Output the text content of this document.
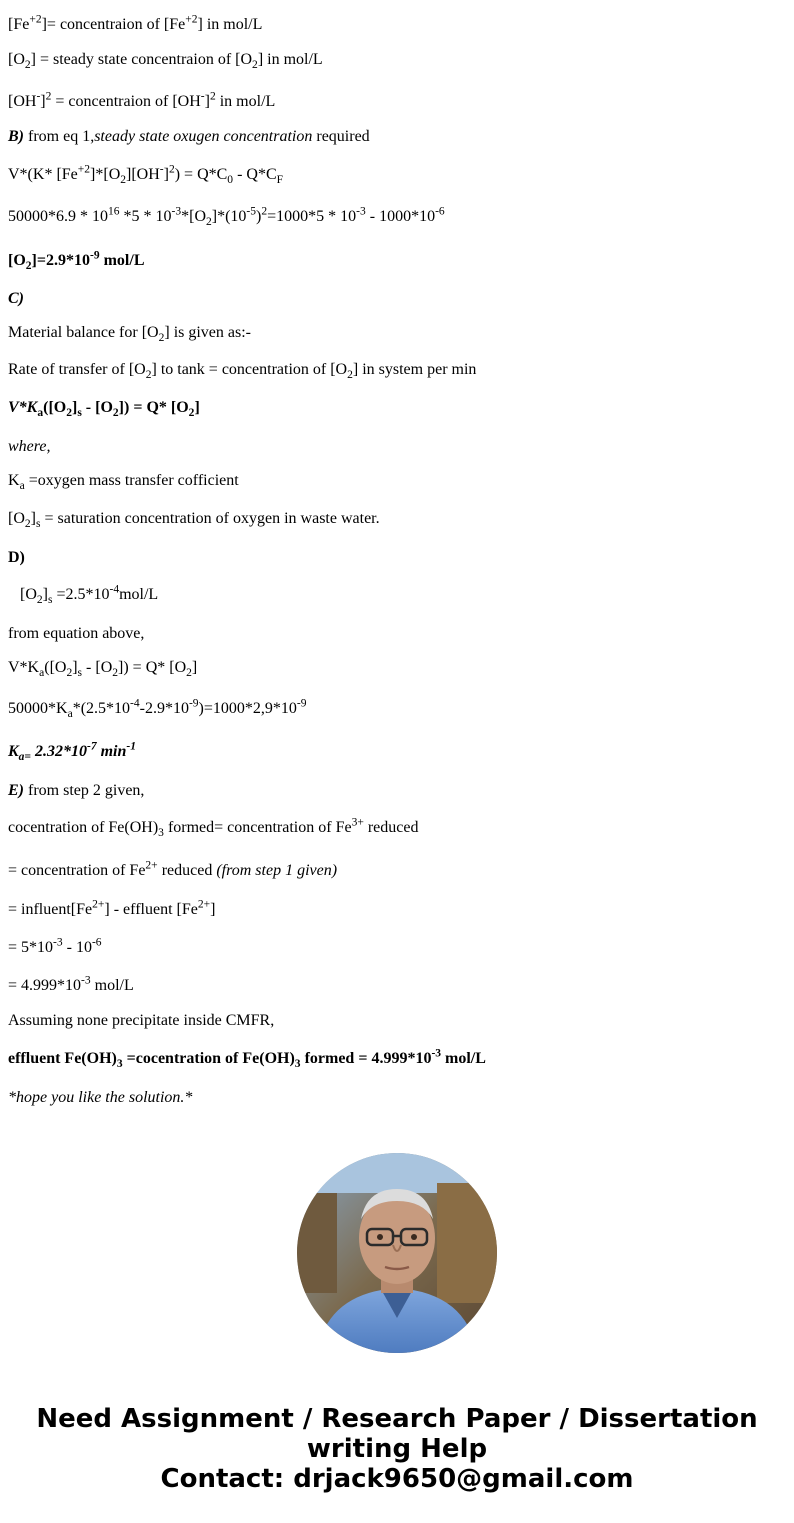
$[Fe^{+2}]=$ concentraion of $[Fe^{+2}]$ in mol/L
$[O_2]$ = steady state concentraion of $[O_2]$ in mol/L
$[OH^-]^2$ = concentraion of $[OH^-]^2$ in mol/L
B) from eq 1,steady state oxugen concentration required
V*(K* $[Fe^{+2}]*[O_2][OH^-]^2) = Q*C_0 - Q*C_F$
$50000*6.9 * 10^{16}$ $*5 * 10^{-3}*[O_2]*(10^{-5})^2=1000*5 * 10^{-3} - 1000*10^{-6}$
$[O_2]=2.9*10^{-9}$ mol/L
C)
Material balance for $[O_2]$ is given as:-
Rate of transfer of $[O_2]$ to tank = concentration of $[O_2]$ in system per min
$V*K_a([O_2]_s - [O_2]) = Q*$ $[O_2]$
where,
$K_a$ =oxygen mass transfer cofficient
$[O_2]_s$ = saturation concentration of oxygen in waste water.
D)
$[O_2]_s =2.5*10^{-4}mol/L$
from equation above,
$V*K_a([O_2]_s - [O_2]) = Q*$ $[O_2]$
$50000*K_a*(2.5*10^{-4}-2.9*10^{-9})=1000*2,9*10^{-9}$
$K_{a=}$ $2.32*10^{-7}$ $\min^{-1}$
E) from step 2 given,
cocentration of $Fe(OH)_3$ formed= concentration of $Fe^{3+}$ reduced
= concentration of $Fe^{2+}$ reduced (from step 1 given)
= $influent[Fe^{2+}]$ - effluent $[Fe^{2+}]$
= $5*10^{-3} - 10^{-6}$
= $4.999*10^{-3}$ mol/L
Assuming none precipitate inside CMFR,
effluent $Fe(OH)_3$ =cocentration of $Fe(OH)_3$ formed = $4.999*10^{-3}$ mol/L
*hope you like the solution.*
Need Assignment / Research Paper / Dissertation
writing Help
Contact: drjack9650@gmail.com
